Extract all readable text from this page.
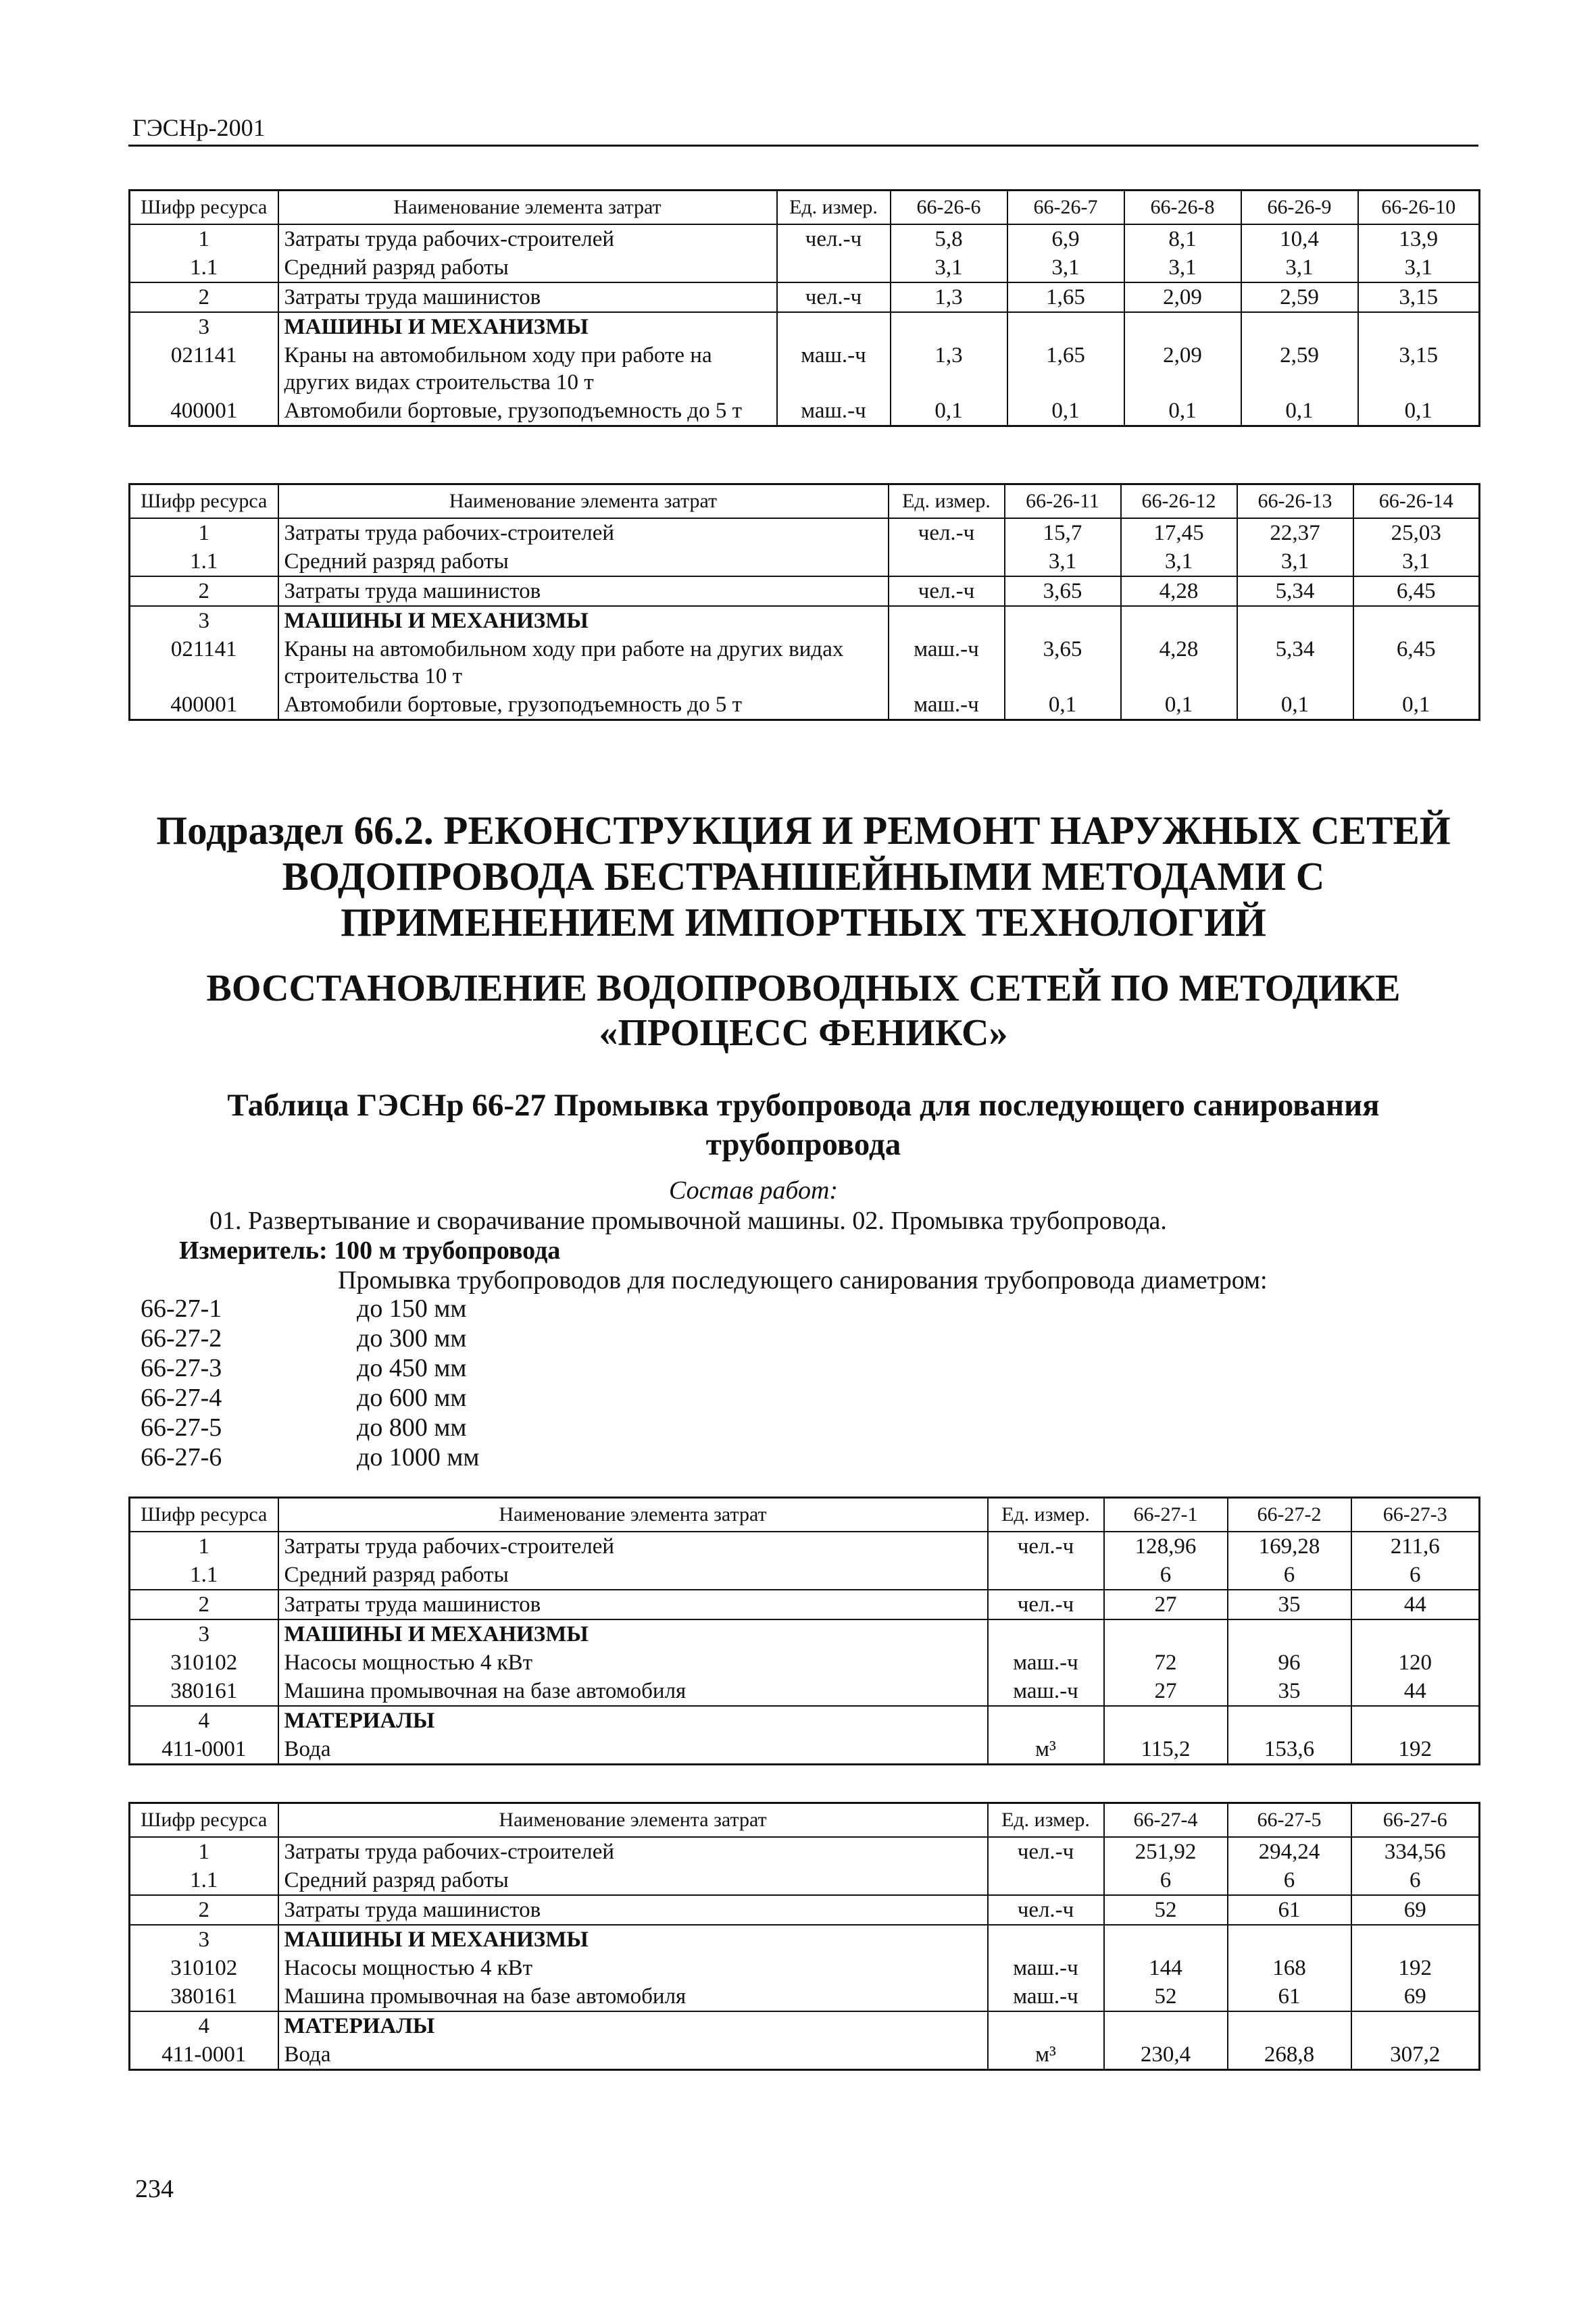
ГЭСНр-2001
Шифр ресурса	Наименование элемента затрат	Ед. измер.	66-26-6	66-26-7	66-26-8	66-26-9	66-26-10
1	Затраты труда рабочих-строителей	чел.-ч	5,8	6,9	8,1	10,4	13,9
1.1	Средний разряд работы		3,1	3,1	3,1	3,1	3,1
2	Затраты труда машинистов	чел.-ч	1,3	1,65	2,09	2,59	3,15
3	МАШИНЫ И МЕХАНИЗМЫ						
021141	Краны на автомобильном ходу при работе на других видах строительства 10 т	маш.-ч	1,3	1,65	2,09	2,59	3,15
400001	Автомобили бортовые, грузоподъемность до 5 т	маш.-ч	0,1	0,1	0,1	0,1	0,1
Шифр ресурса	Наименование элемента затрат	Ед. измер.	66-26-11	66-26-12	66-26-13	66-26-14
1	Затраты труда рабочих-строителей	чел.-ч	15,7	17,45	22,37	25,03
1.1	Средний разряд работы		3,1	3,1	3,1	3,1
2	Затраты труда машинистов	чел.-ч	3,65	4,28	5,34	6,45
3	МАШИНЫ И МЕХАНИЗМЫ					
021141	Краны на автомобильном ходу при работе на других видах строительства 10 т	маш.-ч	3,65	4,28	5,34	6,45
400001	Автомобили бортовые, грузоподъемность до 5 т	маш.-ч	0,1	0,1	0,1	0,1
Подраздел 66.2. РЕКОНСТРУКЦИЯ И РЕМОНТ НАРУЖНЫХ СЕТЕЙ ВОДОПРОВОДА БЕСТРАНШЕЙНЫМИ МЕТОДАМИ С ПРИМЕНЕНИЕМ ИМПОРТНЫХ ТЕХНОЛОГИЙ
ВОССТАНОВЛЕНИЕ ВОДОПРОВОДНЫХ СЕТЕЙ ПО МЕТОДИКЕ «ПРОЦЕСС ФЕНИКС»
Таблица ГЭСНр 66-27 Промывка трубопровода для последующего санирования трубопровода
Состав работ:
01. Развертывание и сворачивание промывочной машины. 02. Промывка трубопровода.
Измеритель: 100 м трубопровода
Промывка трубопроводов для последующего санирования трубопровода диаметром:
66-27-1	до 150 мм
66-27-2	до 300 мм
66-27-3	до 450 мм
66-27-4	до 600 мм
66-27-5	до 800 мм
66-27-6	до 1000 мм
Шифр ресурса	Наименование элемента затрат	Ед. измер.	66-27-1	66-27-2	66-27-3
1	Затраты труда рабочих-строителей	чел.-ч	128,96	169,28	211,6
1.1	Средний разряд работы		6	6	6
2	Затраты труда машинистов	чел.-ч	27	35	44
3	МАШИНЫ И МЕХАНИЗМЫ				
310102	Насосы мощностью 4 кВт	маш.-ч	72	96	120
380161	Машина промывочная на базе автомобиля	маш.-ч	27	35	44
4	МАТЕРИАЛЫ				
411-0001	Вода	м³	115,2	153,6	192
Шифр ресурса	Наименование элемента затрат	Ед. измер.	66-27-4	66-27-5	66-27-6
1	Затраты труда рабочих-строителей	чел.-ч	251,92	294,24	334,56
1.1	Средний разряд работы		6	6	6
2	Затраты труда машинистов	чел.-ч	52	61	69
3	МАШИНЫ И МЕХАНИЗМЫ				
310102	Насосы мощностью 4 кВт	маш.-ч	144	168	192
380161	Машина промывочная на базе автомобиля	маш.-ч	52	61	69
4	МАТЕРИАЛЫ				
411-0001	Вода	м³	230,4	268,8	307,2
234
